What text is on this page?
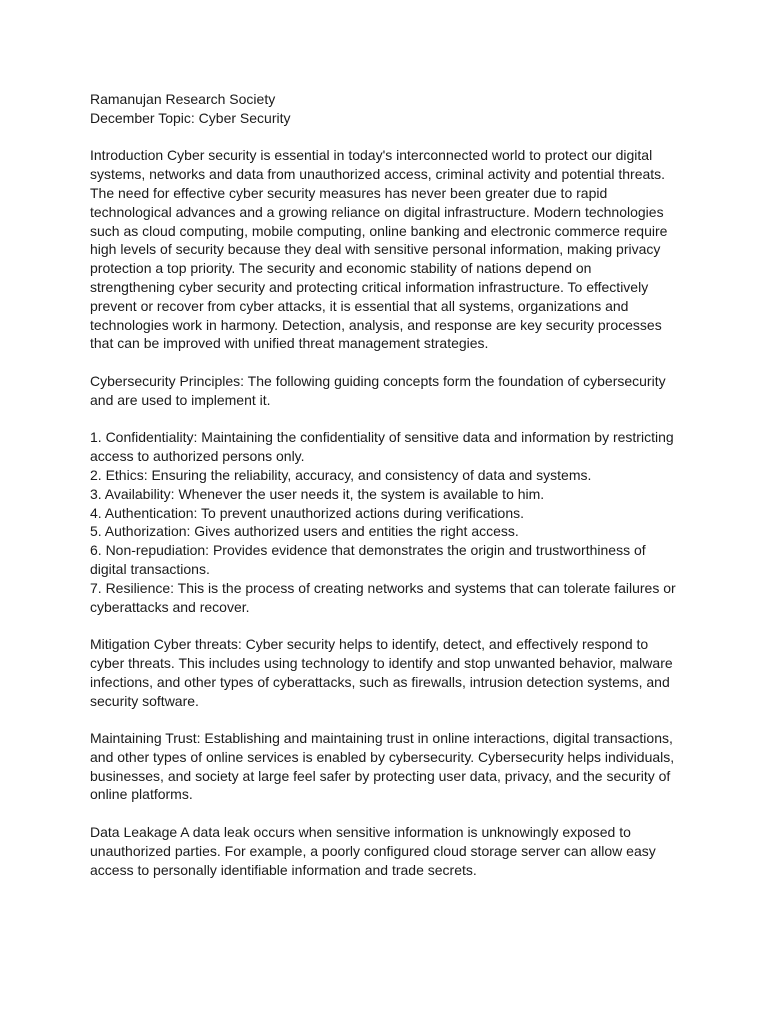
Ramanujan Research Society
December Topic: Cyber Security

Introduction Cyber security is essential in today's interconnected world to protect our digital systems, networks and data from unauthorized access, criminal activity and potential threats. The need for effective cyber security measures has never been greater due to rapid technological advances and a growing reliance on digital infrastructure. Modern technologies such as cloud computing, mobile computing, online banking and electronic commerce require high levels of security because they deal with sensitive personal information, making privacy protection a top priority. The security and economic stability of nations depend on strengthening cyber security and protecting critical information infrastructure. To effectively prevent or recover from cyber attacks, it is essential that all systems, organizations and technologies work in harmony. Detection, analysis, and response are key security processes that can be improved with unified threat management strategies.

Cybersecurity Principles: The following guiding concepts form the foundation of cybersecurity and are used to implement it.

1. Confidentiality: Maintaining the confidentiality of sensitive data and information by restricting access to authorized persons only.
2. Ethics: Ensuring the reliability, accuracy, and consistency of data and systems.
3. Availability: Whenever the user needs it, the system is available to him.
4. Authentication: To prevent unauthorized actions during verifications.
5. Authorization: Gives authorized users and entities the right access.
6. Non-repudiation: Provides evidence that demonstrates the origin and trustworthiness of digital transactions.
7. Resilience: This is the process of creating networks and systems that can tolerate failures or cyberattacks and recover.

Mitigation Cyber threats: Cyber security helps to identify, detect, and effectively respond to cyber threats. This includes using technology to identify and stop unwanted behavior, malware infections, and other types of cyberattacks, such as firewalls, intrusion detection systems, and security software.

Maintaining Trust: Establishing and maintaining trust in online interactions, digital transactions, and other types of online services is enabled by cybersecurity. Cybersecurity helps individuals, businesses, and society at large feel safer by protecting user data, privacy, and the security of online platforms.

Data Leakage A data leak occurs when sensitive information is unknowingly exposed to unauthorized parties. For example, a poorly configured cloud storage server can allow easy access to personally identifiable information and trade secrets.
